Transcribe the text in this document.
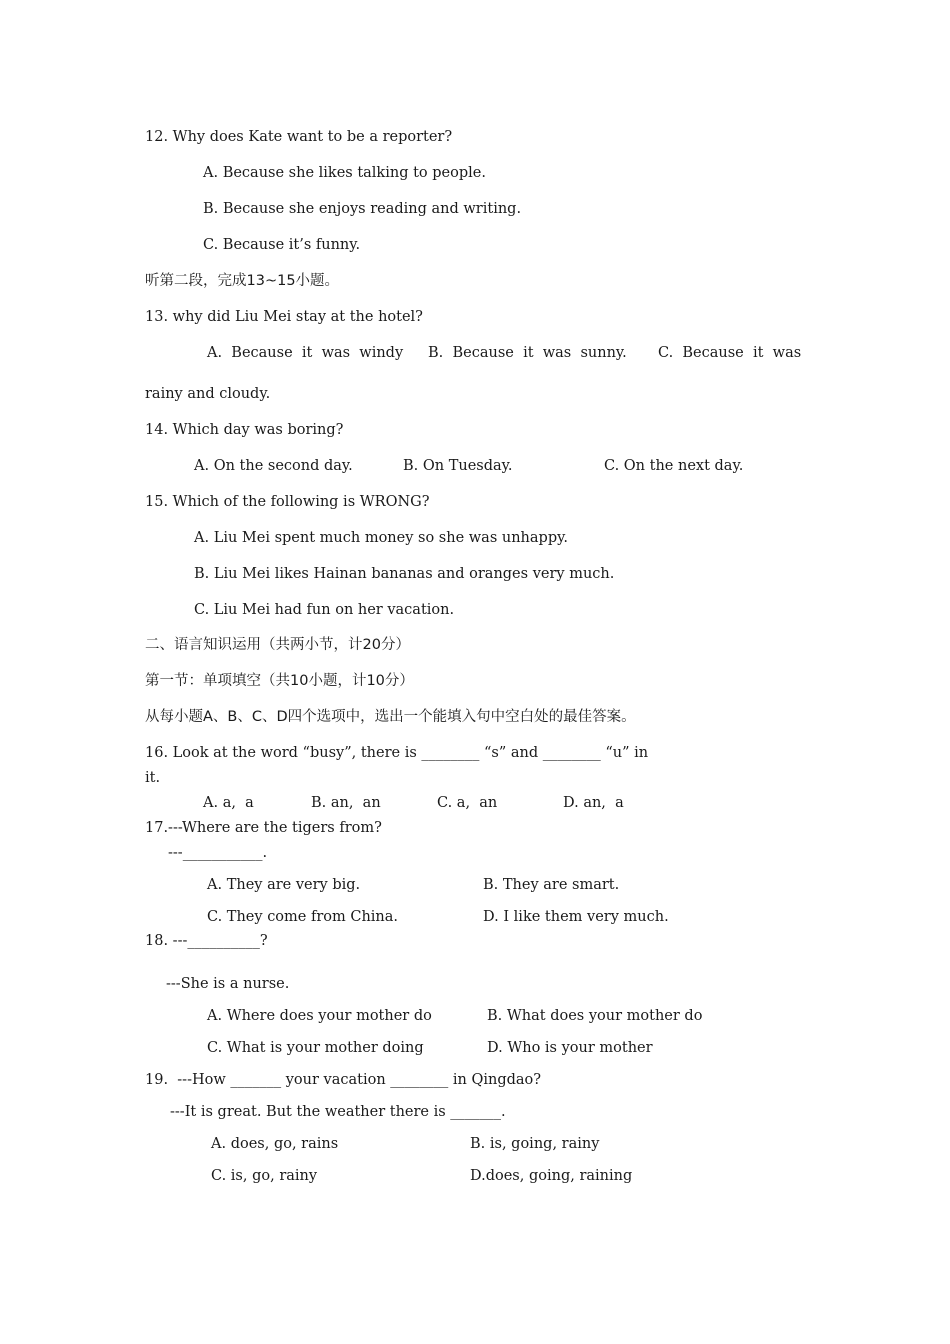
12. Why does Kate want to be a reporter?
A. Because she likes talking to people.
B. Because she enjoys reading and writing.
C. Because it’s funny.
听第二段，完成13~15小题。
13. why did Liu Mei stay at the hotel?
A.  Because  it  was  windy B.  Because  it  was  sunny. C.  Because  it  was
rainy and cloudy.
14. Which day was boring?
A. On the second day.	B. On Tuesday.	C. On the next day.
15. Which of the following is WRONG?
A. Liu Mei spent much money so she was unhappy.
B. Liu Mei likes Hainan bananas and oranges very much.
C. Liu Mei had fun on her vacation.
二、语言知识运用（共两小节，计20分）
第一节：单项填空（共10小题，计10分）
从每小题A、B、C、D四个选项中，选出一个能填入句中空白处的最佳答案。
16. Look at the word “busy”, there is ________ “s” and ________ “u” in
it.
A. a,  a	B. an,  an	C. a,  an	D. an,  a
17.---Where are the tigers from?
---___________.
A. They are very big.	B. They are smart.
C. They come from China.	D. I like them very much.
18. ---__________?
---She is a nurse.
A. Where does your mother do	B. What does your mother do
C. What is your mother doing	D. Who is your mother
19.  ---How _______ your vacation ________ in Qingdao?
---It is great. But the weather there is _______.
A. does, go, rains	B. is, going, rainy
C. is, go, rainy	D.does, going, raining
